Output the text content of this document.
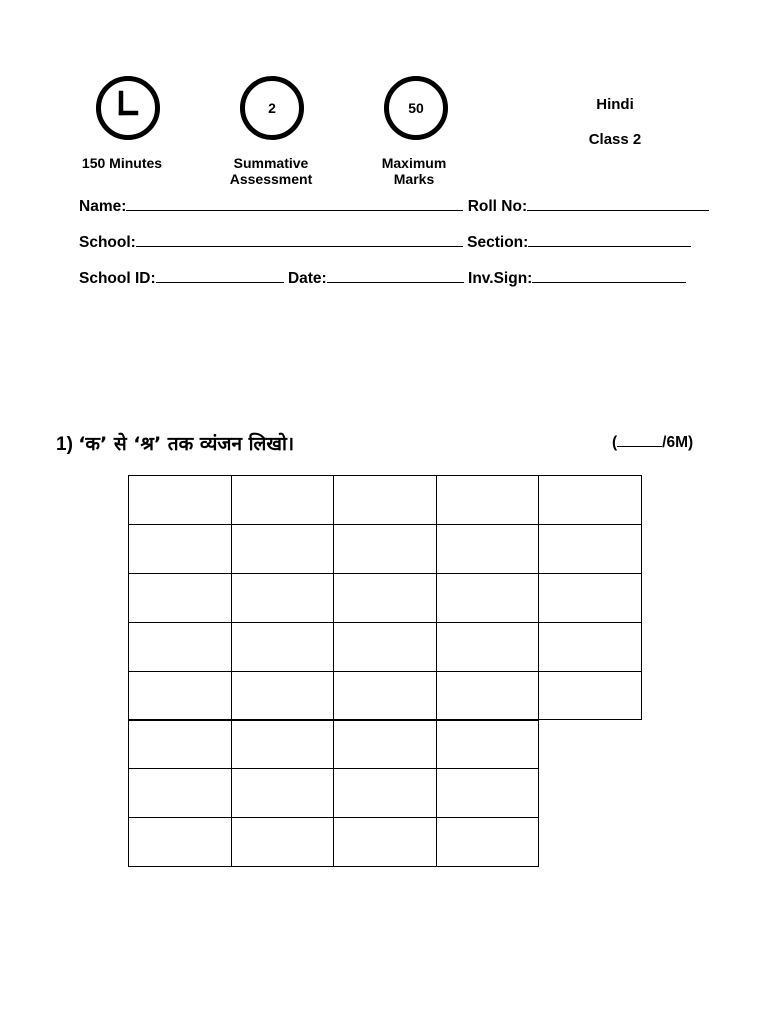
150 Minutes
2
Summative
Assessment
50
Maximum
Marks
Hindi
Class 2
Name:	Roll No:
School:	Section:
School ID:	Date:	Inv.Sign:
1) ‘क’ से ‘श्र’ तक व्यंजन लिखो।	(	/6M)
